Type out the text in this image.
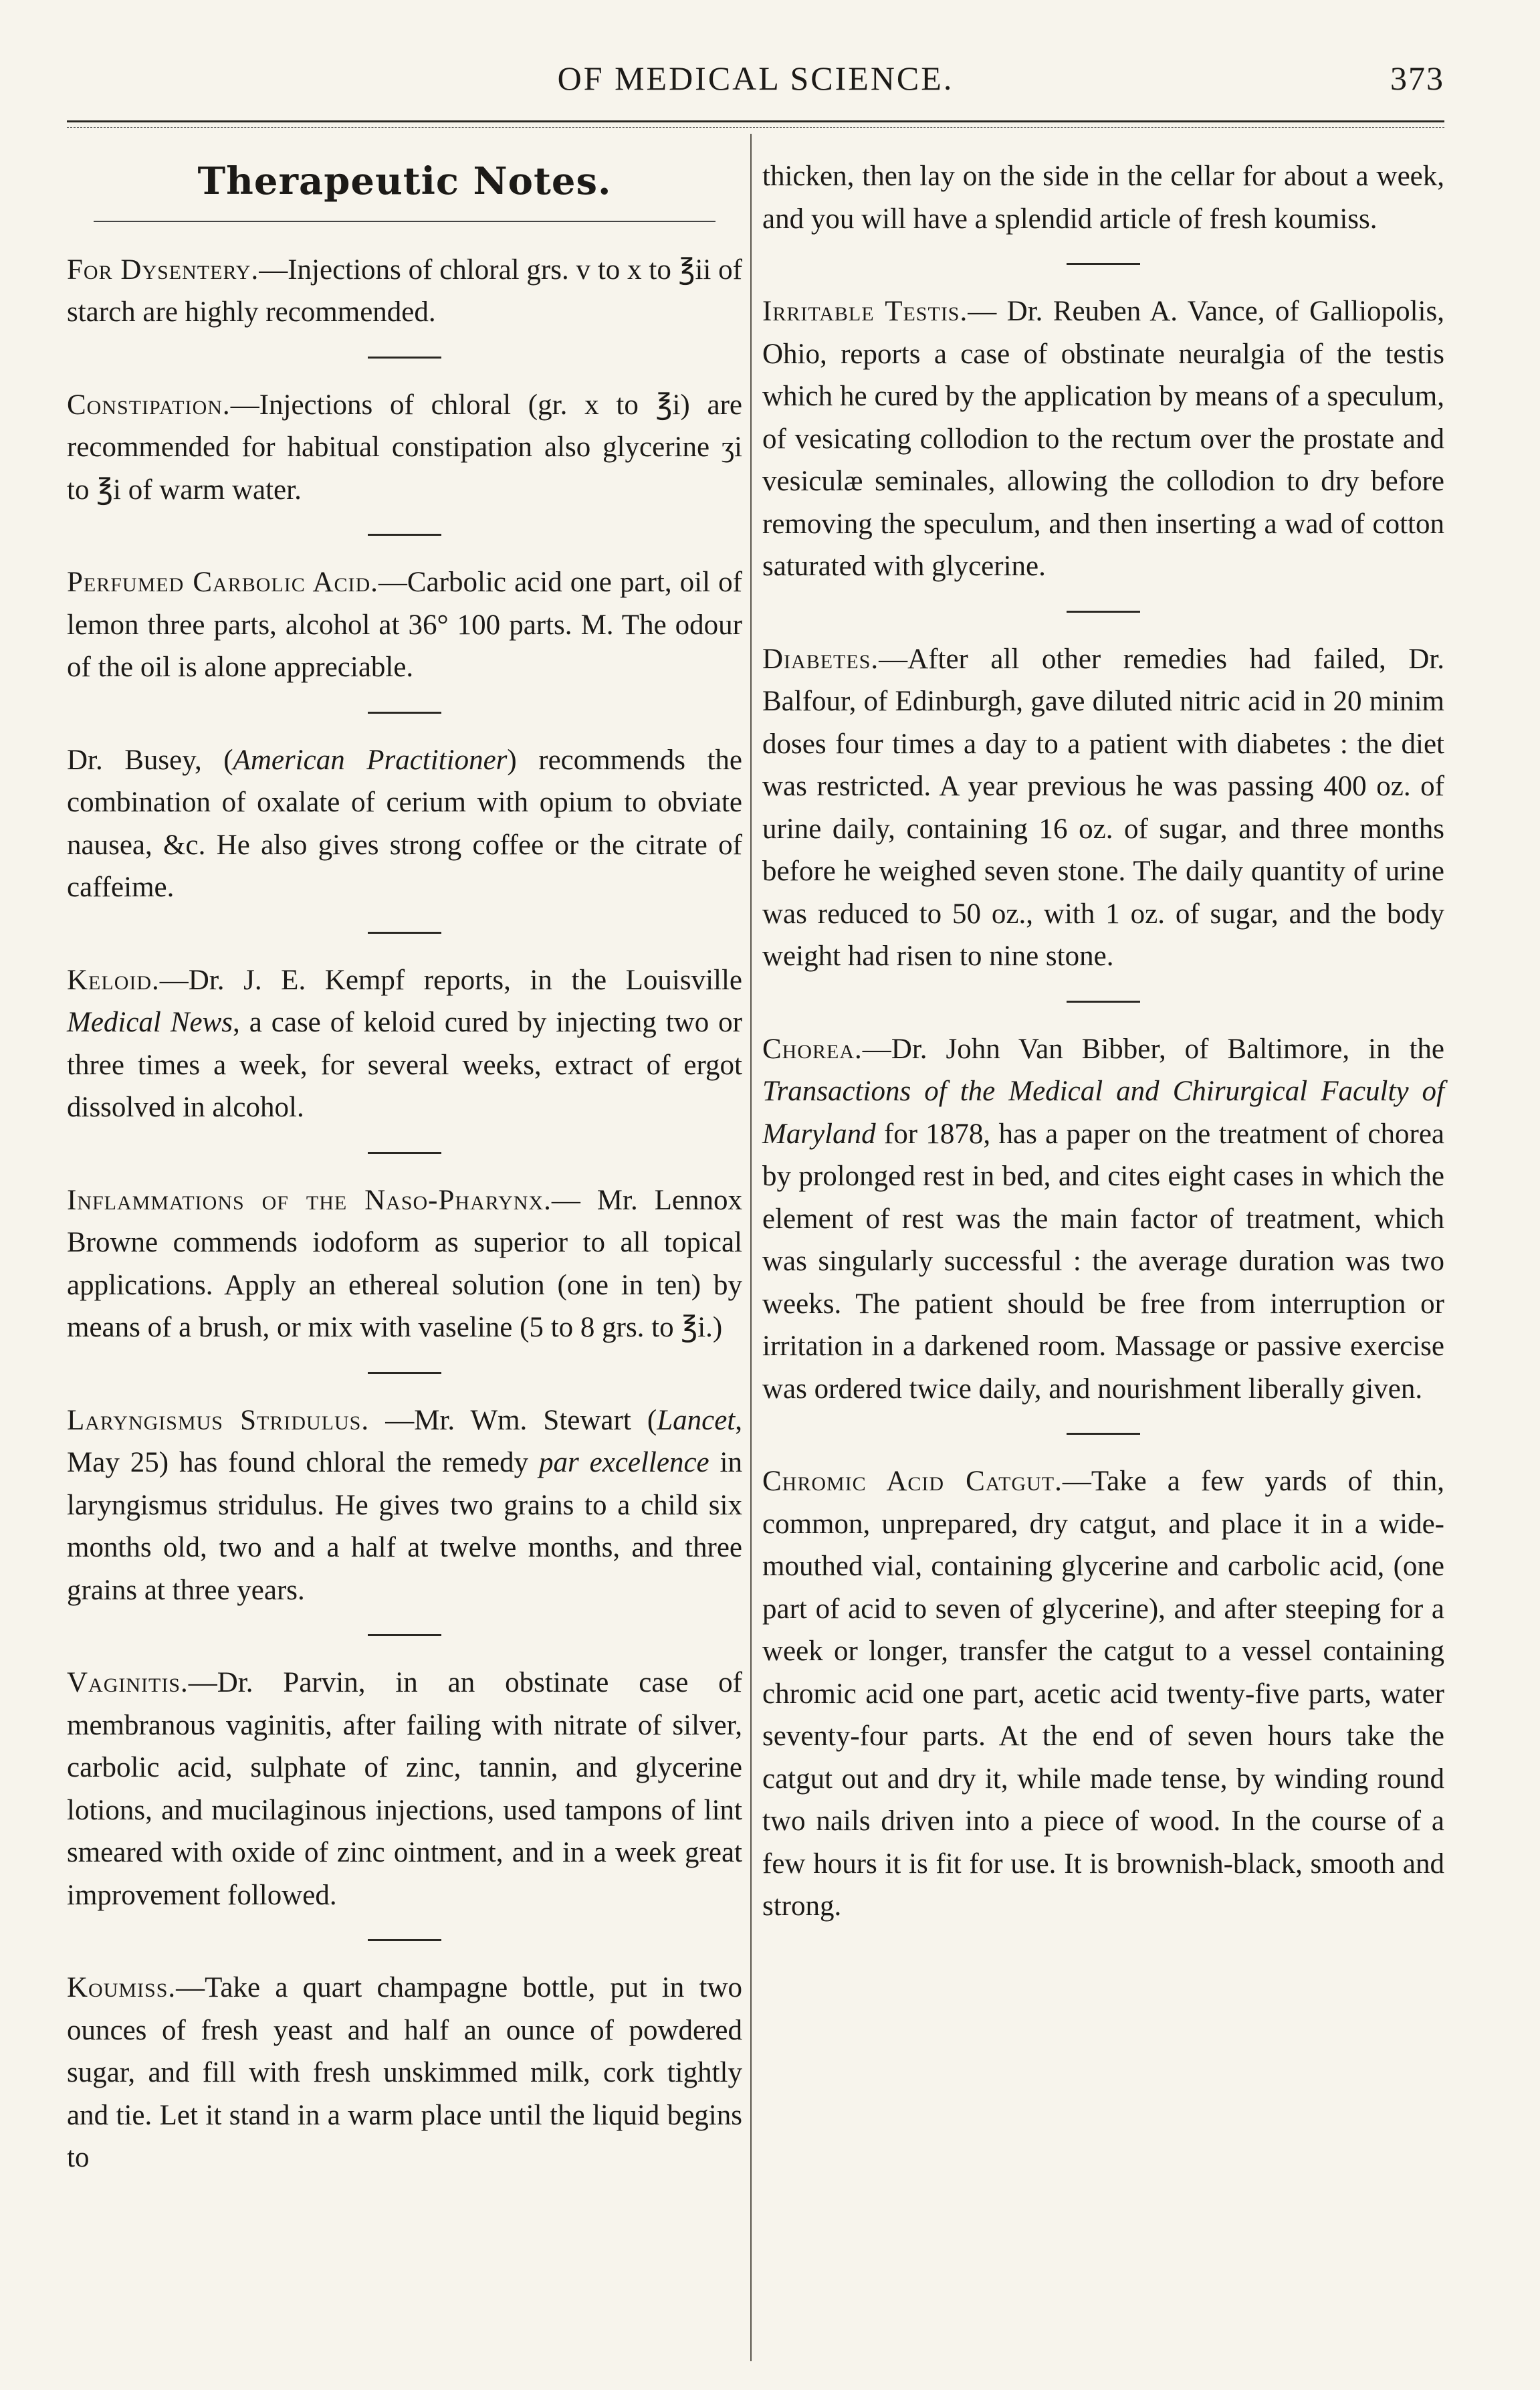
OF MEDICAL SCIENCE.	373

Therapeutic Notes.

For Dysentery.—Injections of chloral grs. v to x to ℥ii of starch are highly recommended.

Constipation.—Injections of chloral (gr. x to ℥i) are recommended for habitual constipation also glycerine ʒi to ℥i of warm water.

Perfumed Carbolic Acid.—Carbolic acid one part, oil of lemon three parts, alcohol at 36° 100 parts. M. The odour of the oil is alone appreciable.

Dr. Busey, (American Practitioner) recommends the combination of oxalate of cerium with opium to obviate nausea, &c. He also gives strong coffee or the citrate of caffeime.

Keloid.—Dr. J. E. Kempf reports, in the Louisville Medical News, a case of keloid cured by injecting two or three times a week, for several weeks, extract of ergot dissolved in alcohol.

Inflammations of the Naso-Pharynx.— Mr. Lennox Browne commends iodoform as superior to all topical applications. Apply an ethereal solution (one in ten) by means of a brush, or mix with vaseline (5 to 8 grs. to ℥i.)

Laryngismus Stridulus. —Mr. Wm. Stewart (Lancet, May 25) has found chloral the remedy par excellence in laryngismus stridulus. He gives two grains to a child six months old, two and a half at twelve months, and three grains at three years.

Vaginitis.—Dr. Parvin, in an obstinate case of membranous vaginitis, after failing with nitrate of silver, carbolic acid, sulphate of zinc, tannin, and glycerine lotions, and mucilaginous injections, used tampons of lint smeared with oxide of zinc ointment, and in a week great improvement followed.

Koumiss.—Take a quart champagne bottle, put in two ounces of fresh yeast and half an ounce of powdered sugar, and fill with fresh unskimmed milk, cork tightly and tie. Let it stand in a warm place until the liquid begins to

thicken, then lay on the side in the cellar for about a week, and you will have a splendid article of fresh koumiss.

Irritable Testis.— Dr. Reuben A. Vance, of Galliopolis, Ohio, reports a case of obstinate neuralgia of the testis which he cured by the application by means of a speculum, of vesicating collodion to the rectum over the prostate and vesiculæ seminales, allowing the collodion to dry before removing the speculum, and then inserting a wad of cotton saturated with glycerine.

Diabetes.—After all other remedies had failed, Dr. Balfour, of Edinburgh, gave diluted nitric acid in 20 minim doses four times a day to a patient with diabetes : the diet was restricted. A year previous he was passing 400 oz. of urine daily, containing 16 oz. of sugar, and three months before he weighed seven stone. The daily quantity of urine was reduced to 50 oz., with 1 oz. of sugar, and the body weight had risen to nine stone.

Chorea.—Dr. John Van Bibber, of Baltimore, in the Transactions of the Medical and Chirurgical Faculty of Maryland for 1878, has a paper on the treatment of chorea by prolonged rest in bed, and cites eight cases in which the element of rest was the main factor of treatment, which was singularly successful : the average duration was two weeks. The patient should be free from interruption or irritation in a darkened room. Massage or passive exercise was ordered twice daily, and nourishment liberally given.

Chromic Acid Catgut.—Take a few yards of thin, common, unprepared, dry catgut, and place it in a wide-mouthed vial, containing glycerine and carbolic acid, (one part of acid to seven of glycerine), and after steeping for a week or longer, transfer the catgut to a vessel containing chromic acid one part, acetic acid twenty-five parts, water seventy-four parts. At the end of seven hours take the catgut out and dry it, while made tense, by winding round two nails driven into a piece of wood. In the course of a few hours it is fit for use. It is brownish-black, smooth and strong.
